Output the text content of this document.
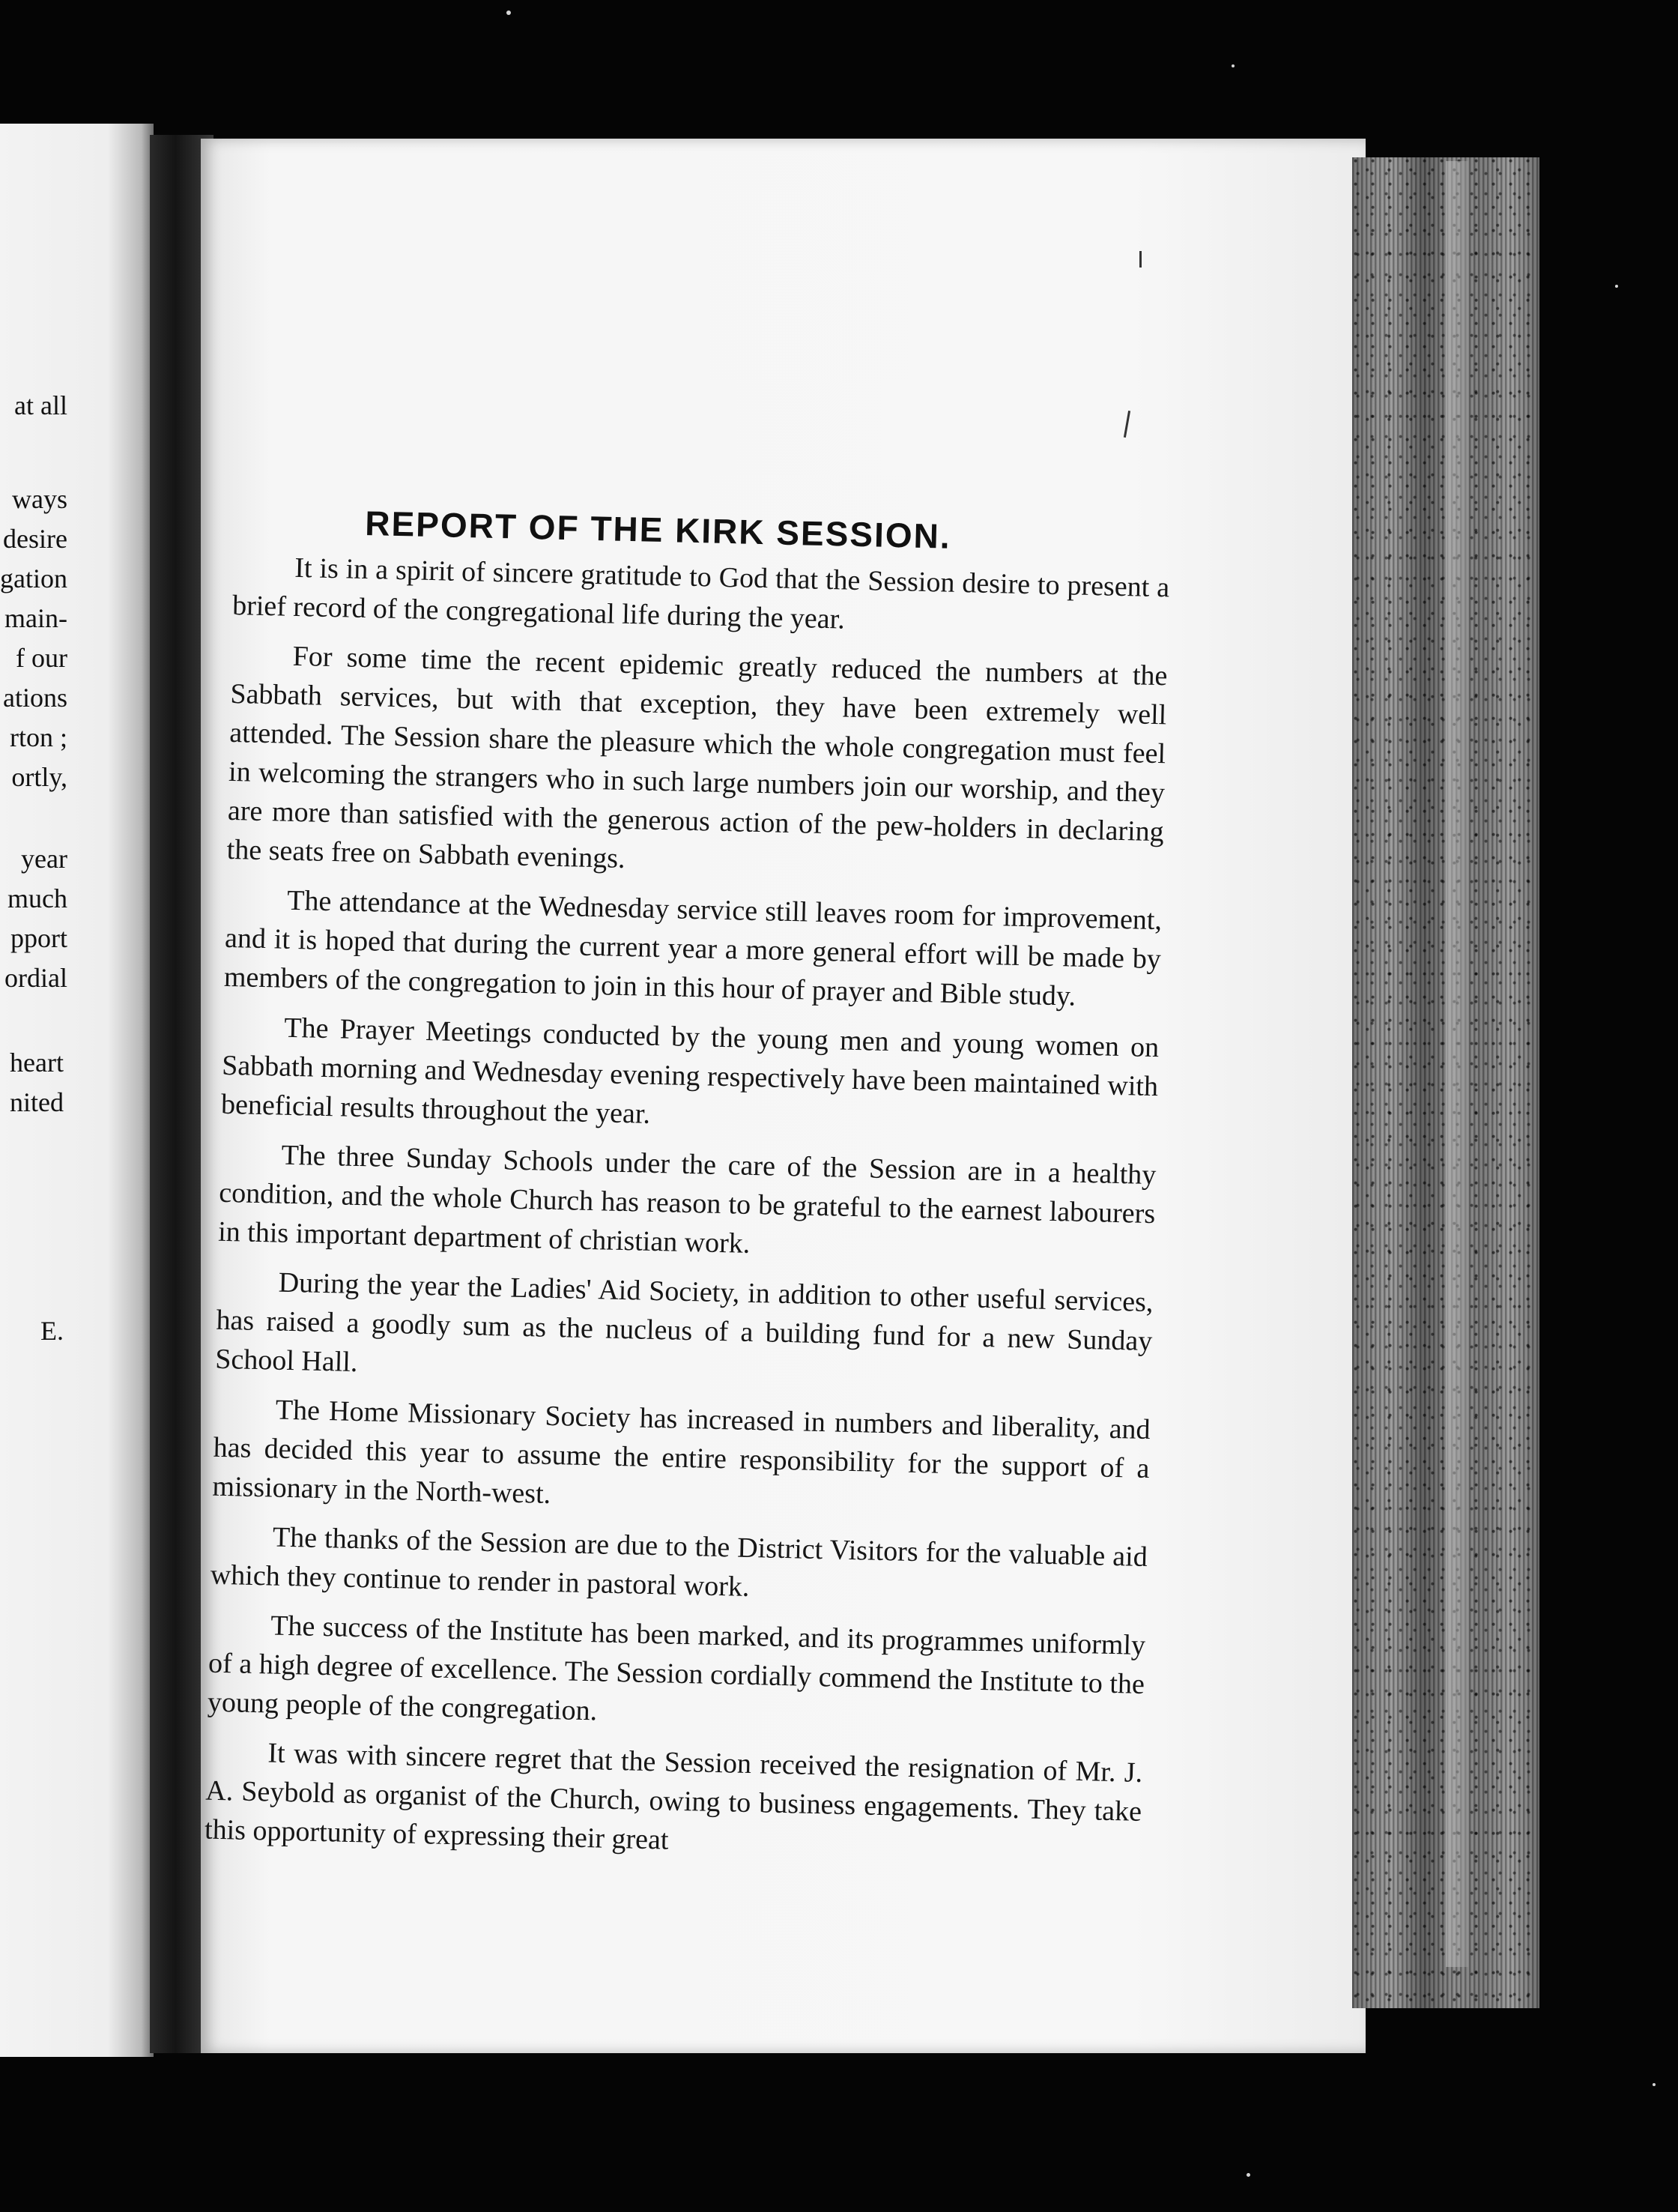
at all
ways
desire
gation
main-
f our
ations
rton ;
ortly,
year
much
pport
ordial
heart
nited
E.
REPORT OF THE KIRK SESSION.

It is in a spirit of sincere gratitude to God that the Session desire to present a brief record of the congregational life during the year.

For some time the recent epidemic greatly reduced the numbers at the Sabbath services, but with that exception, they have been extremely well attended. The Session share the pleasure which the whole congregation must feel in welcoming the strangers who in such large numbers join our worship, and they are more than satisfied with the generous action of the pew-holders in declaring the seats free on Sabbath evenings.

The attendance at the Wednesday service still leaves room for improvement, and it is hoped that during the current year a more general effort will be made by members of the congregation to join in this hour of prayer and Bible study.

The Prayer Meetings conducted by the young men and young women on Sabbath morning and Wednesday evening respectively have been maintained with beneficial results throughout the year.

The three Sunday Schools under the care of the Session are in a healthy condition, and the whole Church has reason to be grateful to the earnest labourers in this important department of christian work.

During the year the Ladies' Aid Society, in addition to other useful services, has raised a goodly sum as the nucleus of a building fund for a new Sunday School Hall.

The Home Missionary Society has increased in numbers and liberality, and has decided this year to assume the entire responsibility for the support of a missionary in the North-west.

The thanks of the Session are due to the District Visitors for the valuable aid which they continue to render in pastoral work.

The success of the Institute has been marked, and its programmes uniformly of a high degree of excellence. The Session cordially commend the Institute to the young people of the congregation.

It was with sincere regret that the Session received the resignation of Mr. J. A. Seybold as organist of the Church, owing to business engagements. They take this opportunity of expressing their great
